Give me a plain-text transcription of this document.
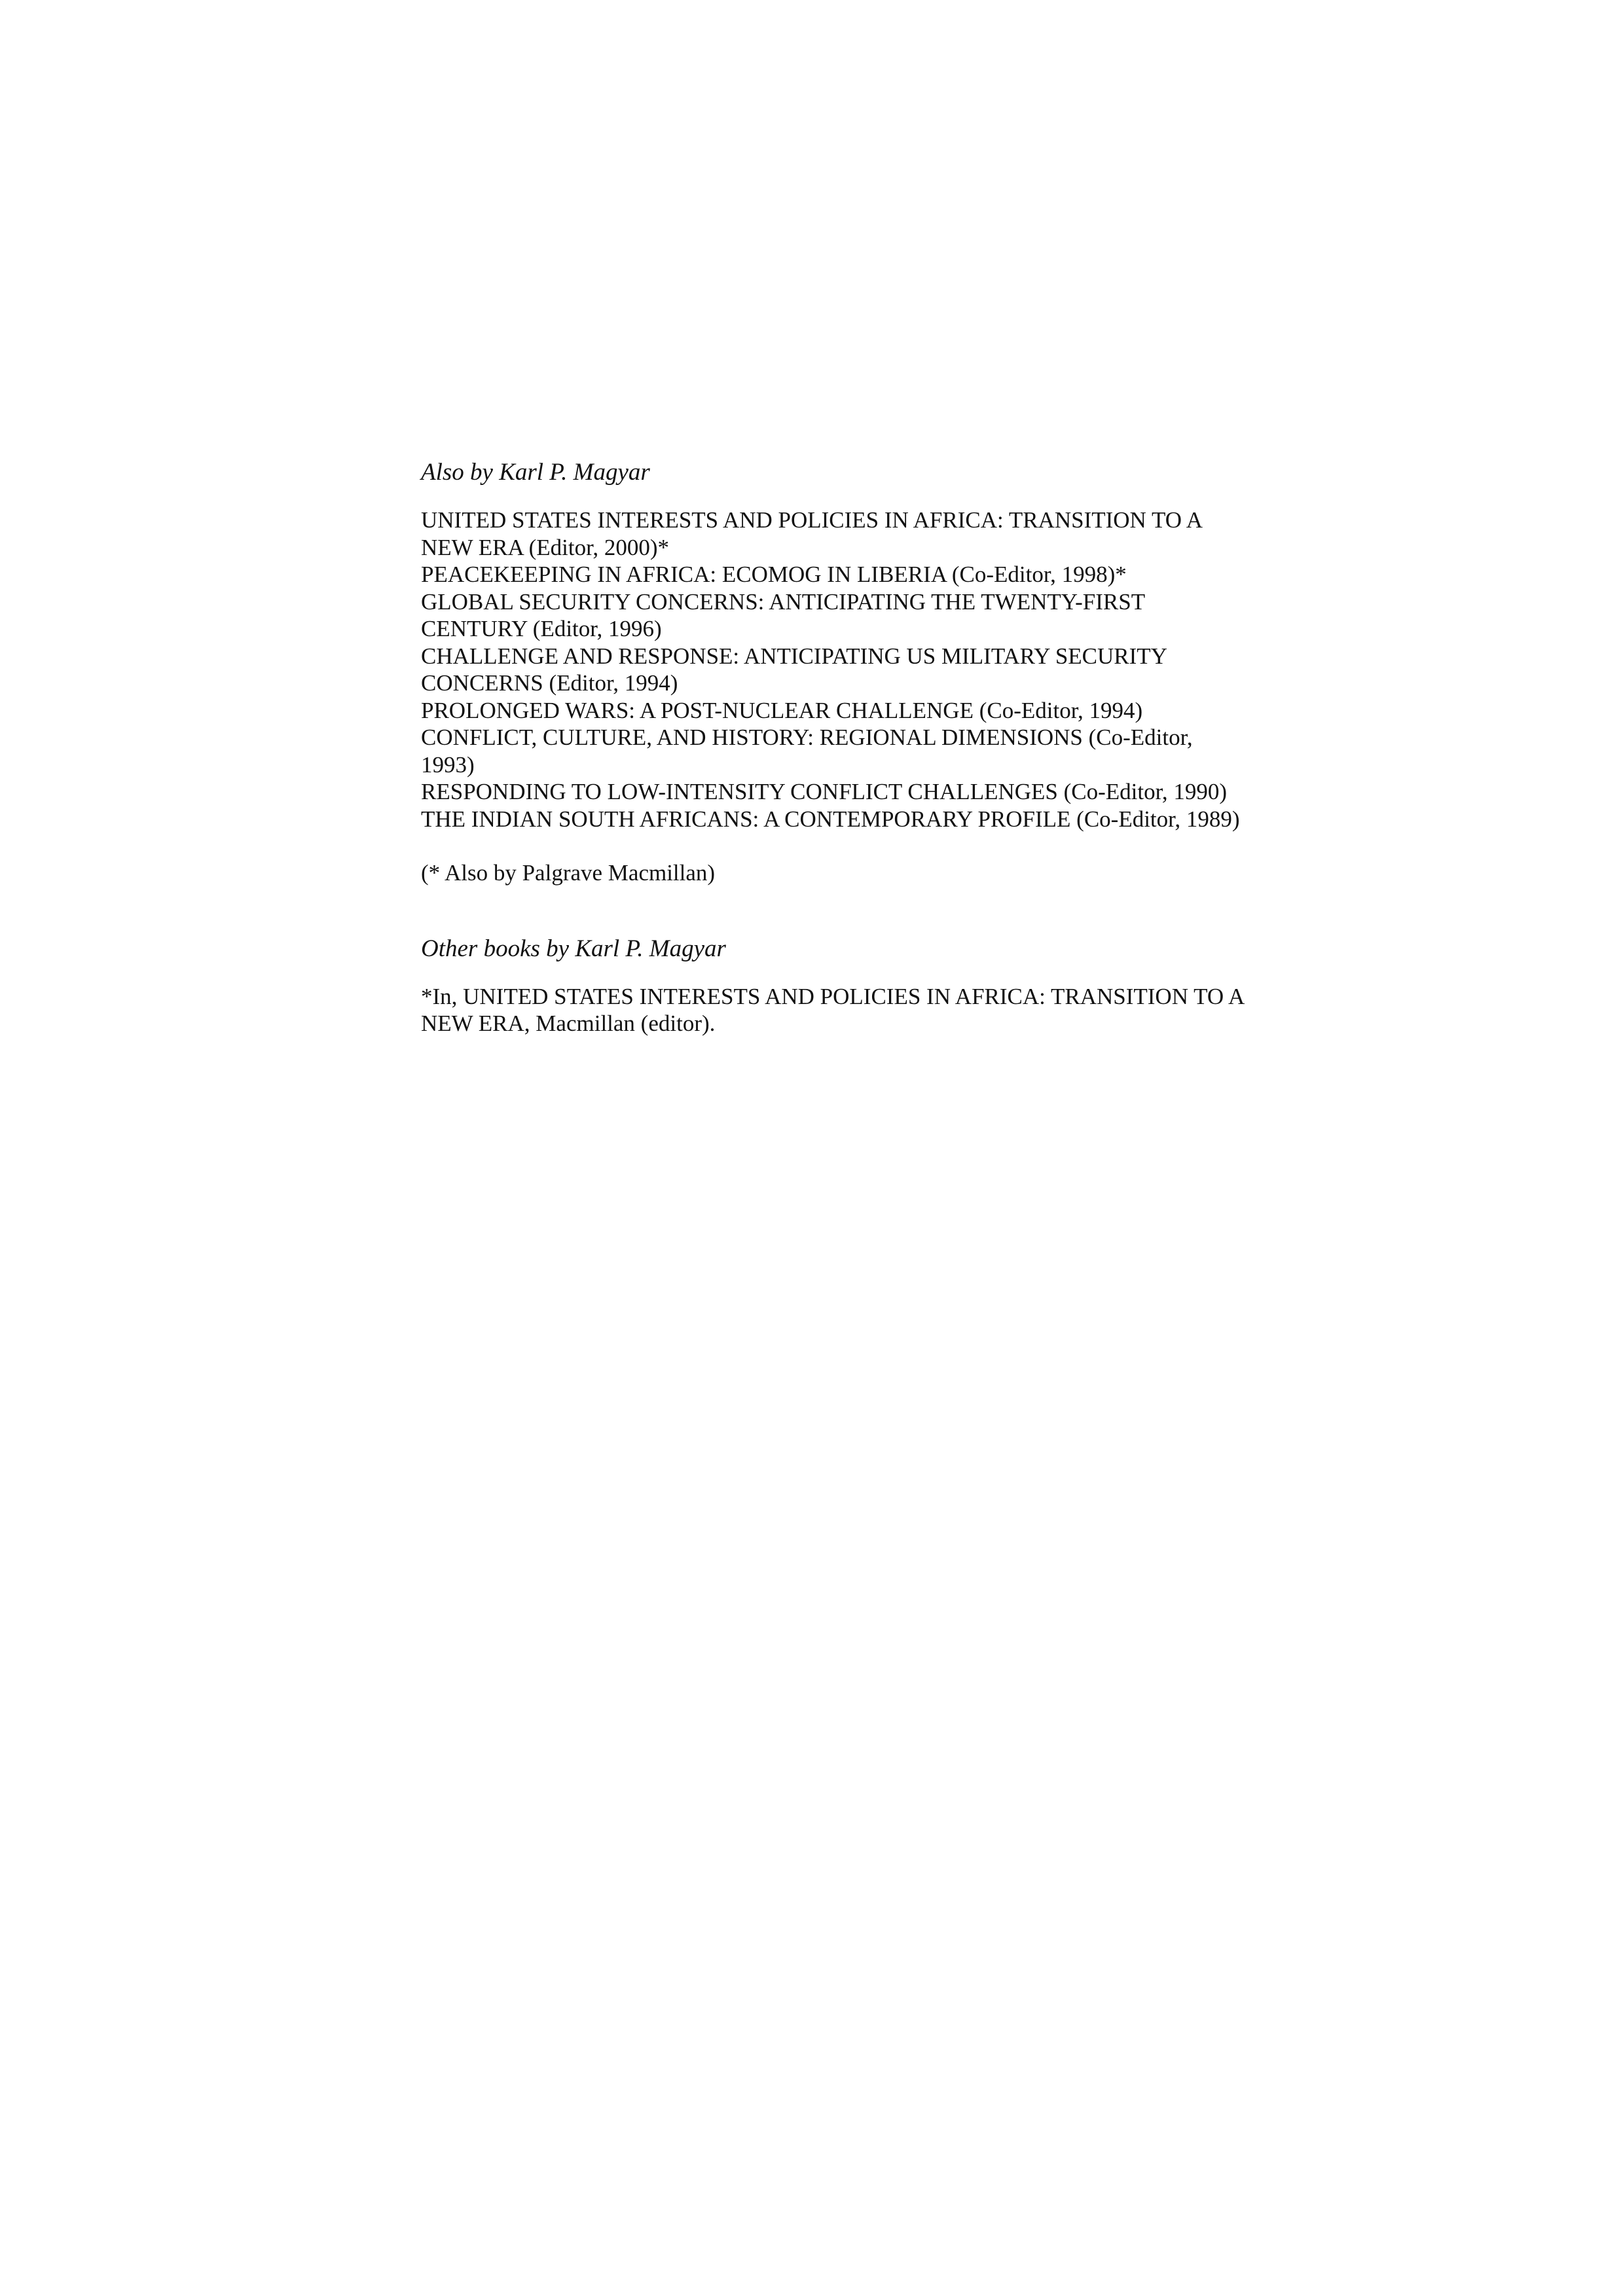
Also by Karl P. Magyar
UNITED STATES INTERESTS AND POLICIES IN AFRICA: TRANSITION TO A NEW ERA (Editor, 2000)*
PEACEKEEPING IN AFRICA: ECOMOG IN LIBERIA (Co-Editor, 1998)*
GLOBAL SECURITY CONCERNS: ANTICIPATING THE TWENTY-FIRST CENTURY (Editor, 1996)
CHALLENGE AND RESPONSE: ANTICIPATING US MILITARY SECURITY CONCERNS (Editor, 1994)
PROLONGED WARS: A POST-NUCLEAR CHALLENGE (Co-Editor, 1994)
CONFLICT, CULTURE, AND HISTORY: REGIONAL DIMENSIONS (Co-Editor, 1993)
RESPONDING TO LOW-INTENSITY CONFLICT CHALLENGES (Co-Editor, 1990)
THE INDIAN SOUTH AFRICANS: A CONTEMPORARY PROFILE (Co-Editor, 1989)

(* Also by Palgrave Macmillan)

Other books by Karl P. Magyar

*In, UNITED STATES INTERESTS AND POLICIES IN AFRICA: TRANSITION TO A NEW ERA, Macmillan (editor).
